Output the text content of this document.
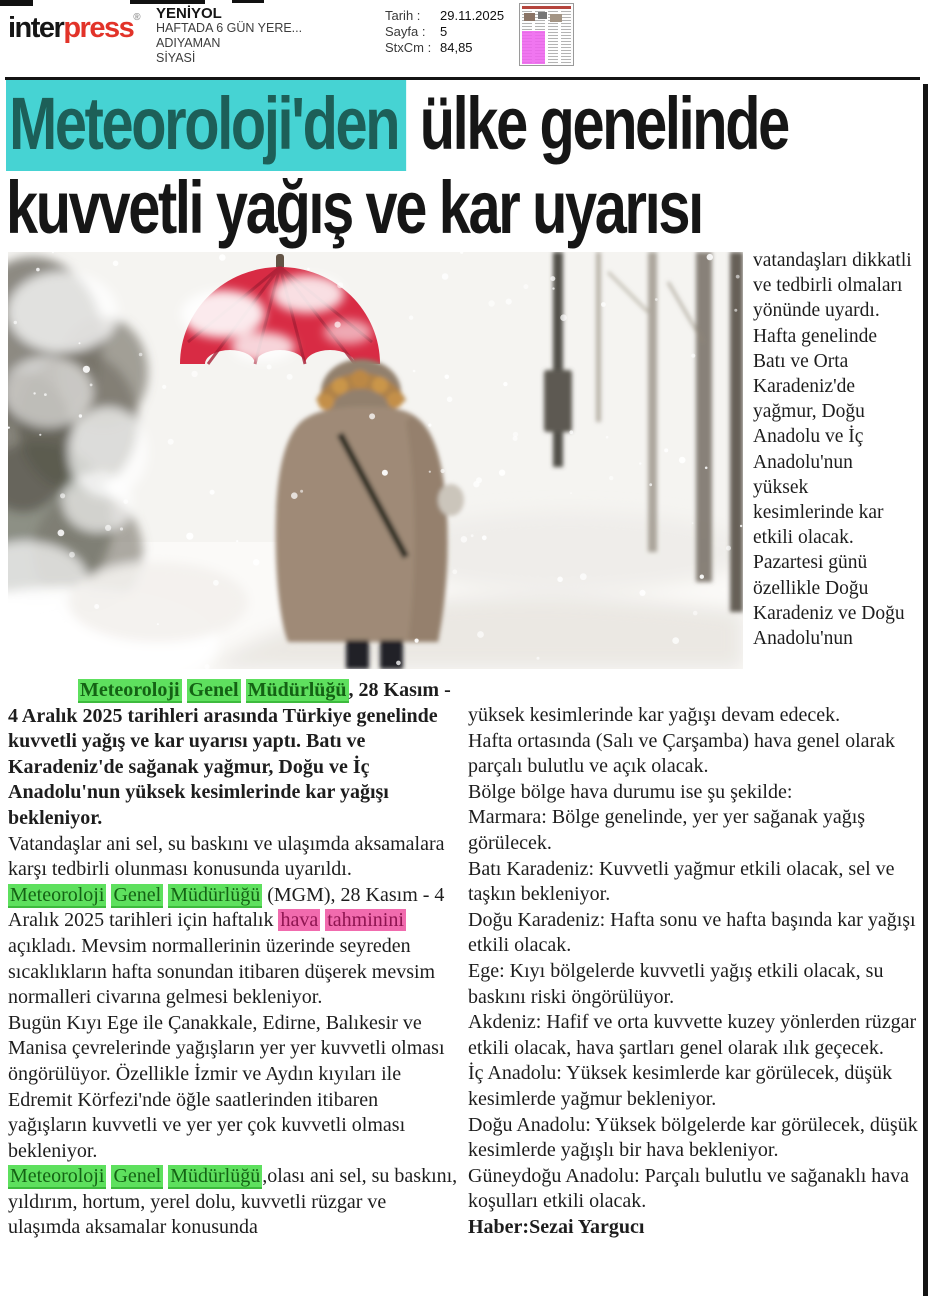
interpress® YENİYOL
HAFTADA 6 GÜN YERE...
ADIYAMAN
SİYASİ
Tarih :	29.11.2025
Sayfa :	5
StxCm : 84,85
Meteoroloji'den ülke genelinde
kuvvetli yağış ve kar uyarısı

vatandaşları dikkatli ve tedbirli olmaları yönünde uyardı. Hafta genelinde Batı ve Orta Karadeniz'de yağmur, Doğu Anadolu ve İç Anadolu'nun yüksek kesimlerinde kar etkili olacak. Pazartesi günü özellikle Doğu Karadeniz ve Doğu Anadolu'nun

Meteoroloji Genel Müdürlüğü , 28 Kasım - 4 Aralık 2025 tarihleri arasında Türkiye genelinde kuvvetli yağış ve kar uyarısı yaptı. Batı ve Karadeniz'de sağanak yağmur, Doğu ve İç Anadolu'nun yüksek kesimlerinde kar yağışı bekleniyor.

Vatandaşlar ani sel, su baskını ve ulaşımda aksamalara karşı tedbirli olunması konusunda uyarıldı.

Meteoroloji Genel Müdürlüğü (MGM), 28 Kasım - 4 Aralık 2025 tarihleri için haftalık hava tahminini açıkladı. Mevsim normallerinin üzerinde seyreden sıcaklıkların hafta sonundan itibaren düşerek mevsim normalleri civarına gelmesi bekleniyor.

Bugün Kıyı Ege ile Çanakkale, Edirne, Balıkesir ve Manisa çevrelerinde yağışların yer yer kuvvetli olması öngörülüyor. Özellikle İzmir ve Aydın kıyıları ile Edremit Körfezi'nde öğle saatlerinden itibaren yağışların kuvvetli ve yer yer çok kuvvetli olması bekleniyor.

Meteoroloji Genel Müdürlüğü ,olası ani sel, su baskını, yıldırım, hortum, yerel dolu, kuvvetli rüzgar ve ulaşımda aksamalar konusunda

yüksek kesimlerinde kar yağışı devam edecek.

Hafta ortasında (Salı ve Çarşamba) hava genel olarak parçalı bulutlu ve açık olacak.

Bölge bölge hava durumu ise şu şekilde:

Marmara: Bölge genelinde, yer yer sağanak yağış görülecek.

Batı Karadeniz: Kuvvetli yağmur etkili olacak, sel ve taşkın bekleniyor.

Doğu Karadeniz: Hafta sonu ve hafta başında kar yağışı etkili olacak.

Ege: Kıyı bölgelerde kuvvetli yağış etkili olacak, su baskını riski öngörülüyor.

Akdeniz: Hafif ve orta kuvvette kuzey yönlerden rüzgar etkili olacak, hava şartları genel olarak ılık geçecek.

İç Anadolu: Yüksek kesimlerde kar görülecek, düşük kesimlerde yağmur bekleniyor.

Doğu Anadolu: Yüksek bölgelerde kar görülecek, düşük kesimlerde yağışlı bir hava bekleniyor.

Güneydoğu Anadolu: Parçalı bulutlu ve sağanaklı hava koşulları etkili olacak.

Haber:Sezai Yargucı
